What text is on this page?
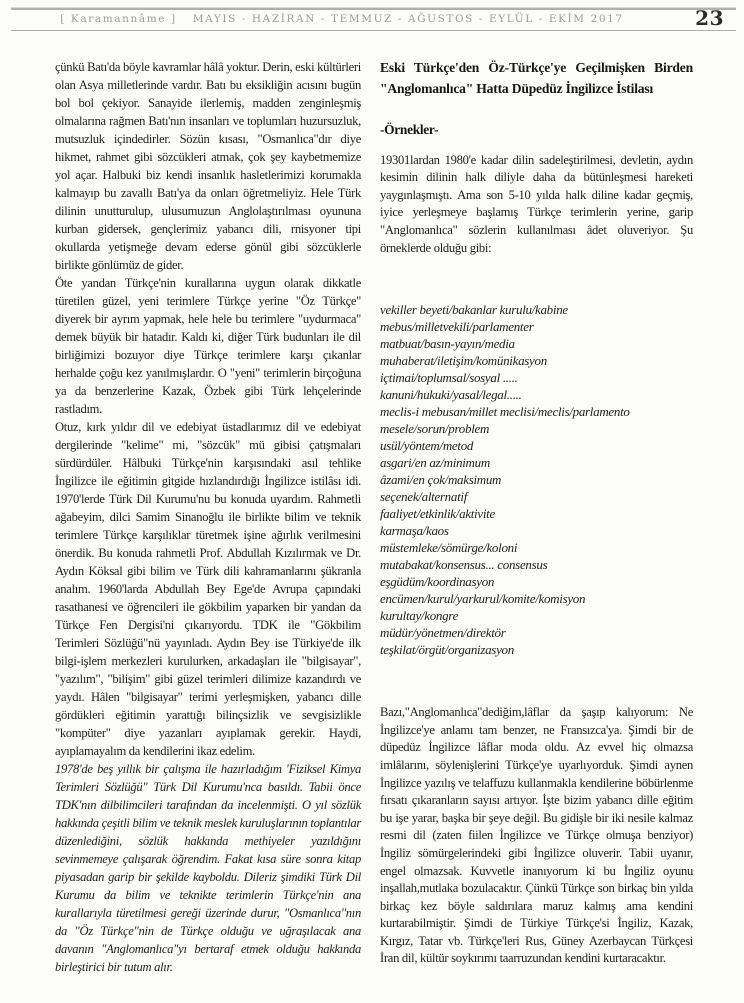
[ Karamannâme ] MAYIS - HAZİRAN - TEMMUZ - AĞUSTOS - EYLÜL - EKİM 2017	23

çünkü Batı'da böyle kavramlar hâlâ yoktur. Derin, eski kültürleri olan Asya milletlerinde vardır. Batı bu eksikliğin acısını bugün bol bol çekiyor. Sanayide ilerlemiş, madden zenginleşmiş olmalarına rağmen Batı'nın insanları ve toplumları huzursuzluk, mutsuzluk içindedirler. Sözün kısası, "Osmanlıca"dır diye hikmet, rahmet gibi sözcükleri atmak, çok şey kaybetmemize yol açar. Halbuki biz kendi insanlık hasletlerimizi korumakla kalmayıp bu zavallı Batı'ya da onları öğretmeliyiz. Hele Türk dilinin unutturulup, ulusumuzun Anglolaştırılması oyununa kurban gidersek, gençlerimiz yabancı dili, rnisyoner tipi okullarda yetişmeğe devam ederse gönül gibi sözcüklerle birlikte gönlümüz de gider.

Öte yandan Türkçe'nin kurallarına uygun olarak dikkatle türetilen güzel, yeni terimlere Türkçe yerine "Öz Türkçe" diyerek bir ayrım yapmak, hele hele bu terimlere "uydurmaca" demek büyük bir hatadır. Kaldı ki, diğer Türk budunları ile dil birliğimizi bozuyor diye Türkçe terimlere karşı çıkanlar herhalde çoğu kez yanılmışlardır. O "yeni" terimlerin birçoğuna ya da benzerlerine Kazak, Özbek gibi Türk lehçelerinde rastladım.

Otuz, kırk yıldır dil ve edebiyat üstadlarımız dil ve edebiyat dergilerinde "kelime" mi, "sözcük" mü gibisi çatışmaları sürdürdüler. Hâlbuki Türkçe'nin karşısındaki asıl tehlike İngilizce ile eğitimin gitgide hızlandırdığı İngilizce istilâsı idi. 1970'lerde Türk Dil Kurumu'nu bu konuda uyardım. Rahmetli ağabeyim, dilci Samim Sinanoğlu ile birlikte bilim ve teknik terimlere Türkçe karşılıklar türetmek işine ağırlık verilmesini önerdik. Bu konuda rahmetli Prof. Abdullah Kızılırmak ve Dr. Aydın Köksal gibi bilim ve Türk dili kahramanlarını şükranla analım. 1960'larda Abdullah Bey Ege'de Avrupa çapındaki rasathanesi ve öğrencileri ile gökbilim yaparken bir yandan da Türkçe Fen Dergisi'ni çıkarıyordu. TDK ile "Gökbilim Terimleri Sözlüğü"nü yayınladı. Aydın Bey ise Türkiye'de ilk bilgi-işlem merkezleri kurulurken, arkadaşları ile "bilgisayar", "yazılım", "bilişim" gibi güzel terimleri dilimize kazandırdı ve yaydı. Hâlen "bilgisayar" terimi yerleşmişken, yabancı dille gördükleri eğitimin yarattığı bilinçsizlik ve sevgisizlikle "kompüter" diye yazanları ayıplamak gerekir. Haydi, ayıplamayalım da kendilerini ikaz edelim.

1978'de beş yıllık bir çalışma ile hazırladığım 'Fiziksel Kimya Terimleri Sözlüğü" Türk Dil Kurumu'nca basıldı. Tabii önce TDK'nın dilbilimcileri tarafından da incelenmişti. O yıl sözlük hakkında çeşitli bilim ve teknik meslek kuruluşlarının toplantılar düzenlediğini, sözlük hakkında methiyeler yazıldığını sevinmemeye çalışarak öğrendim. Fakat kısa süre sonra kitap piyasadan garip bir şekilde kayboldu. Dileriz şimdiki Türk Dil Kurumu da bilim ve teknikte terimlerin Türkçe'nin ana kurallarıyla türetilmesi gereği üzerinde durur, "Osmanlıca"nın da "Öz Türkçe"nin de Türkçe olduğu ve uğraşılacak ana davanın "Anglomanlıca"yı bertaraf etmek olduğu hakkında birleştirici bir tutum alır.

Eski Türkçe'den Öz-Türkçe'ye Geçilmişken Birden "Anglomanlıca" Hatta Düpedüz İngilizce İstilası
-Örnekler-

19301lardan 1980'e kadar dilin sadeleştirilmesi, devletin, aydın kesimin dilinin halk diliyle daha da bütünleşmesi hareketi yaygınlaşmıştı. Ama son 5-10 yılda halk diline kadar geçmiş, iyice yerleşmeye başlamış Türkçe terimlerin yerine, garip "Anglomanlıca" sözlerin kullanılması âdet oluveriyor. Şu örneklerde olduğu gibi:

vekiller beyeti/bakanlar kurulu/kabine
mebus/milletvekili/parlamenter
matbuat/basın-yayın/media
muhaberat/iletişim/komünikasyon
içtimai/toplumsal/sosyal .....
kanuni/hukuki/yasal/legal.....
meclis-i mebusan/millet meclisi/meclis/parlamento
mesele/sorun/problem
usül/yöntem/metod
asgari/en az/minimum
âzami/en çok/maksimum
seçenek/alternatif
faaliyet/etkinlik/aktivite
karmaşa/kaos
müstemleke/sömürge/koloni
mutabakat/konsensus... consensus
eşgüdüm/koordinasyon
encümen/kurul/yarkurul/komite/komisyon
kurultay/kongre
müdür/yönetmen/direktör
teşkilat/örgüt/organizasyon

Bazı,"Anglomanlıca"dediğim,lâflar da şaşıp kalıyorum: Ne İngilizce'ye anlamı tam benzer, ne Fransızca'ya. Şimdi bir de düpedüz İngilizce lâflar moda oldu. Az evvel hiç olmazsa imlâlarını, söylenişlerini Türkçe'ye uyarlıyorduk. Şimdi aynen İngilizce yazılış ve telaffuzu kullanmakla kendilerine böbürlenme fırsatı çıkaranların sayısı artıyor. İşte bizim yabancı dille eğitim bu işe yarar, başka bir şeye değil. Bu gidişle bir iki nesile kalmaz resmi dil (zaten fiilen İngilizce ve Türkçe olmuşa benziyor) İngiliz sömürgelerindeki gibi İngilizce oluverir. Tabii uyanır, engel olmazsak. Kuvvetle inanıyorum ki bu İngiliz oyunu inşallah,mutlaka bozulacaktır. Çünkü Türkçe son birkaç bin yılda birkaç kez böyle saldırılara maruz kalmış ama kendini kurtarabilmiştir. Şimdi de Türkiye Türkçe'si İngiliz, Kazak, Kırgız, Tatar vb. Türkçe'leri Rus, Güney Azerbaycan Türkçesi İran dil, kültür soykırımı taarruzundan kendini kurtaracaktır.
